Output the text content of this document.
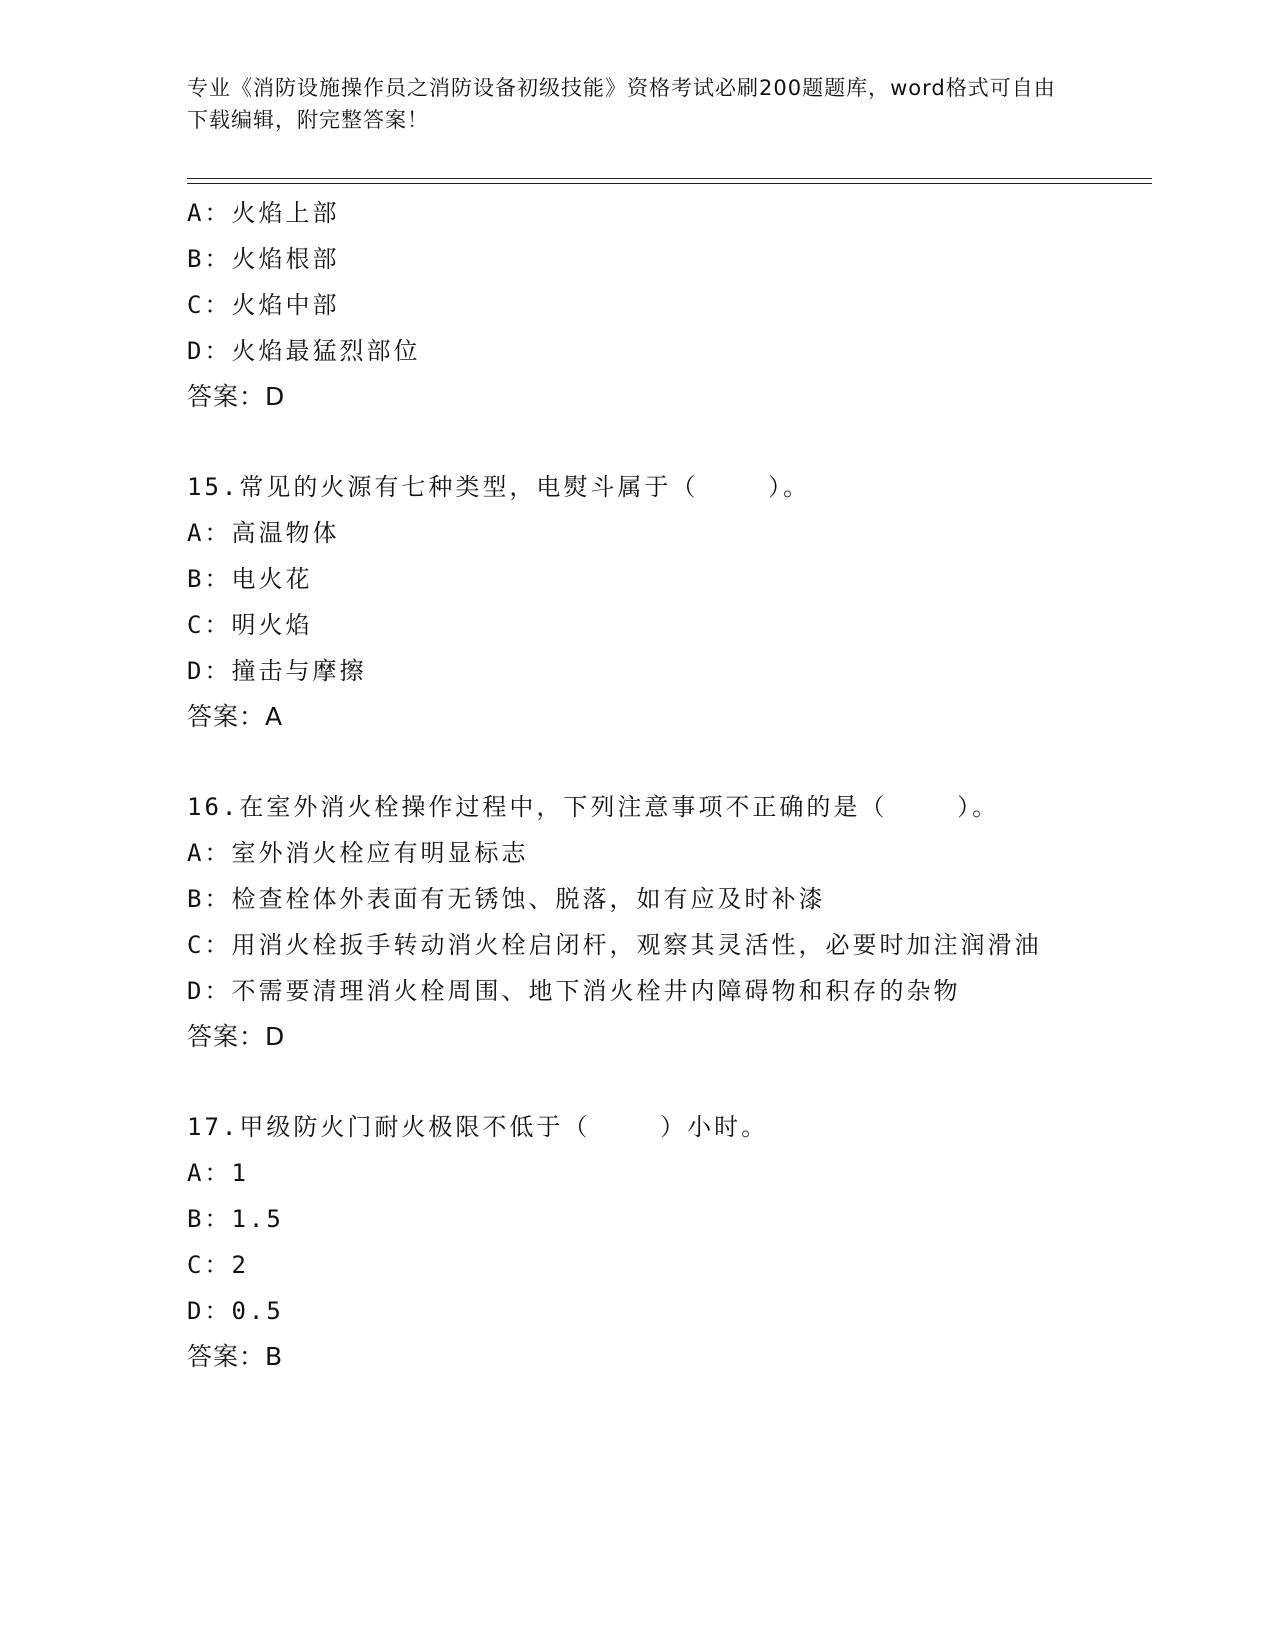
专业《消防设施操作员之消防设备初级技能》资格考试必刷200题题库，word格式可自由下载编辑，附完整答案！
A：火焰上部
B：火焰根部
C：火焰中部
D：火焰最猛烈部位
答案：D
15.常见的火源有七种类型，电熨斗属于（    ）。
A：高温物体
B：电火花
C：明火焰
D：撞击与摩擦
答案：A
16.在室外消火栓操作过程中，下列注意事项不正确的是（    ）。
A：室外消火栓应有明显标志
B：检查栓体外表面有无锈蚀、脱落，如有应及时补漆
C：用消火栓扳手转动消火栓启闭杆，观察其灵活性，必要时加注润滑油
D：不需要清理消火栓周围、地下消火栓井内障碍物和积存的杂物
答案：D
17.甲级防火门耐火极限不低于（    ）小时。
A：1
B：1.5
C：2
D：0.5
答案：B
